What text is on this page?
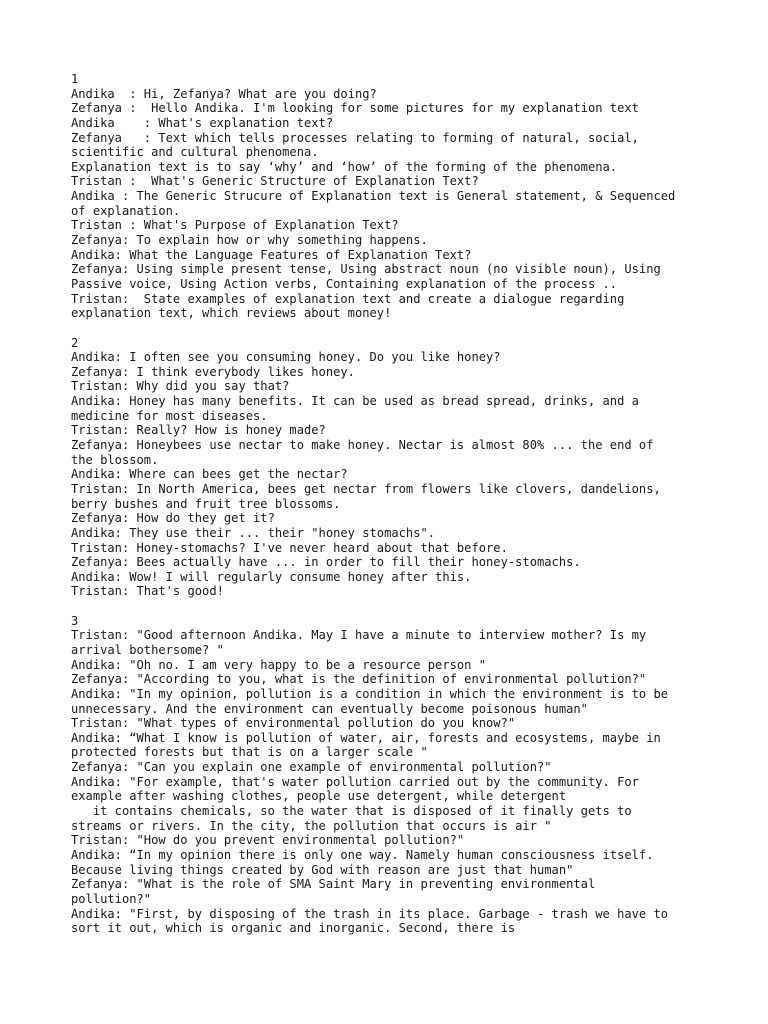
1
Andika  : Hi, Zefanya? What are you doing?
Zefanya :  Hello Andika. I'm looking for some pictures for my explanation text
Andika    : What's explanation text?
Zefanya   : Text which tells processes relating to forming of natural, social,
scientific and cultural phenomena.
Explanation text is to say ‘why’ and ‘how’ of the forming of the phenomena.
Tristan :  What's Generic Structure of Explanation Text?
Andika : The Generic Strucure of Explanation text is General statement, & Sequenced
of explanation.
Tristan : What's Purpose of Explanation Text?
Zefanya: To explain how or why something happens.
Andika: What the Language Features of Explanation Text?
Zefanya: Using simple present tense, Using abstract noun (no visible noun), Using
Passive voice, Using Action verbs, Containing explanation of the process ..
Tristan:  State examples of explanation text and create a dialogue regarding
explanation text, which reviews about money!
2
Andika: I often see you consuming honey. Do you like honey?
Zefanya: I think everybody likes honey.
Tristan: Why did you say that?
Andika: Honey has many benefits. It can be used as bread spread, drinks, and a
medicine for most diseases.
Tristan: Really? How is honey made?
Zefanya: Honeybees use nectar to make honey. Nectar is almost 80% ... the end of
the blossom.
Andika: Where can bees get the nectar?
Tristan: In North America, bees get nectar from flowers like clovers, dandelions,
berry bushes and fruit tree blossoms.
Zefanya: How do they get it?
Andika: They use their ... their "honey stomachs".
Tristan: Honey-stomachs? I've never heard about that before.
Zefanya: Bees actually have ... in order to fill their honey-stomachs.
Andika: Wow! I will regularly consume honey after this.
Tristan: That's good!
3
Tristan: "Good afternoon Andika. May I have a minute to interview mother? Is my
arrival bothersome? "
Andika: "Oh no. I am very happy to be a resource person "
Zefanya: "According to you, what is the definition of environmental pollution?"
Andika: "In my opinion, pollution is a condition in which the environment is to be
unnecessary. And the environment can eventually become poisonous human"
Tristan: "What types of environmental pollution do you know?"
Andika: “What I know is pollution of water, air, forests and ecosystems, maybe in
protected forests but that is on a larger scale "
Zefanya: "Can you explain one example of environmental pollution?"
Andika: "For example, that's water pollution carried out by the community. For
example after washing clothes, people use detergent, while detergent
it contains chemicals, so the water that is disposed of it finally gets to
streams or rivers. In the city, the pollution that occurs is air "
Tristan: "How do you prevent environmental pollution?"
Andika: “In my opinion there is only one way. Namely human consciousness itself.
Because living things created by God with reason are just that human"
Zefanya: "What is the role of SMA Saint Mary in preventing environmental
pollution?"
Andika: "First, by disposing of the trash in its place. Garbage - trash we have to
sort it out, which is organic and inorganic. Second, there is
